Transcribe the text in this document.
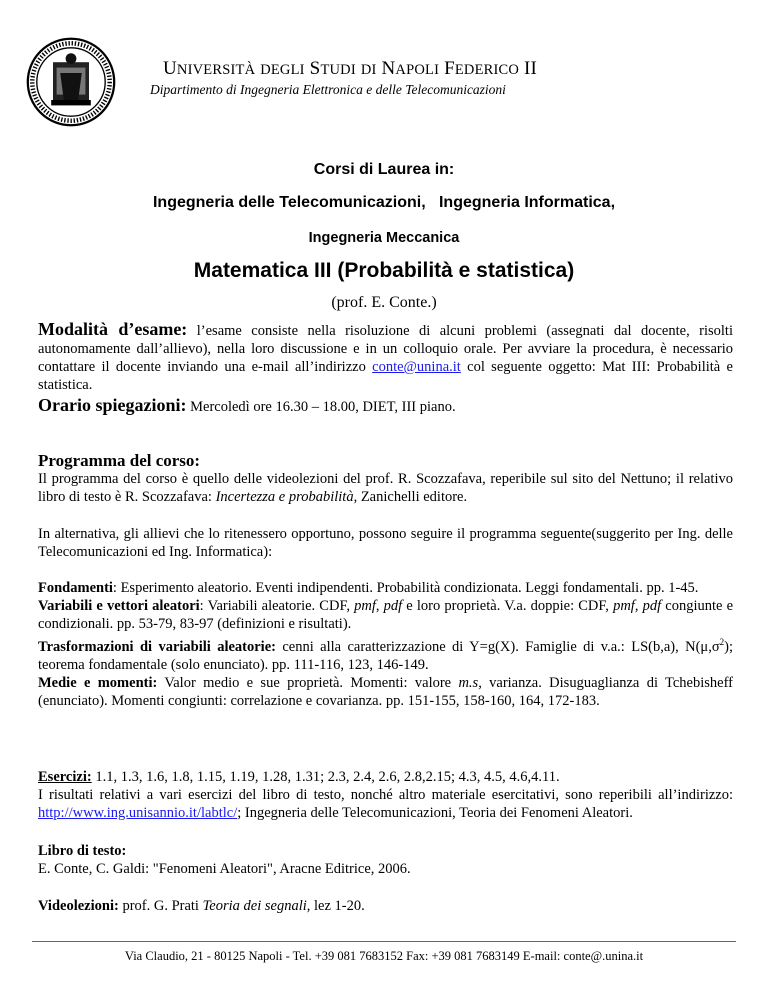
UNIVERSITÀ DEGLI STUDI DI NAPOLI FEDERICO II
Dipartimento di Ingegneria Elettronica e delle Telecomunicazioni
Corsi di Laurea in:
Ingegneria delle Telecomunicazioni,   Ingegneria Informatica,
Ingegneria Meccanica
Matematica III (Probabilità e statistica)
(prof. E. Conte.)
Modalità d’esame: l’esame consiste nella risoluzione di alcuni problemi (assegnati dal docente, risolti autonomamente dall’allievo), nella loro discussione e in un colloquio orale. Per avviare la procedura, è necessario contattare il docente inviando una e-mail all’indirizzo conte@unina.it col seguente oggetto: Mat III: Probabilità e statistica.
Orario spiegazioni: Mercoledì ore 16.30 – 18.00, DIET, III piano.
Programma del corso:
Il programma del corso è quello delle videolezioni del prof. R. Scozzafava, reperibile sul sito del Nettuno; il relativo libro di testo è R. Scozzafava: Incertezza e probabilità, Zanichelli editore.
In alternativa, gli allievi che lo ritenessero opportuno, possono seguire il programma seguente(suggerito per Ing. delle Telecomunicazioni ed Ing. Informatica):
Fondamenti: Esperimento aleatorio. Eventi indipendenti. Probabilità condizionata. Leggi fondamentali. pp. 1-45.
Variabili e vettori aleatori: Variabili aleatorie. CDF, pmf, pdf e loro proprietà. V.a. doppie: CDF, pmf, pdf congiunte e condizionali. pp. 53-79, 83-97 (definizioni e risultati).
Trasformazioni di variabili aleatorie: cenni alla caratterizzazione di Y=g(X). Famiglie di v.a.: LS(b,a), $N(\mu,\sigma^2)$; teorema fondamentale (solo enunciato). pp. 111-116, 123, 146-149.
Medie e momenti: Valor medio e sue proprietà. Momenti: valore m.s, varianza. Disuguaglianza di Tchebisheff (enunciato). Momenti congiunti: correlazione e covarianza. pp. 151-155, 158-160, 164, 172-183.
Esercizi: 1.1, 1.3, 1.6, 1.8, 1.15, 1.19, 1.28, 1.31; 2.3, 2.4, 2.6, 2.8,2.15; 4.3, 4.5, 4.6,4.11.
I risultati relativi a vari esercizi del libro di testo, nonché altro materiale esercitativi, sono reperibili all’indirizzo: http://www.ing.unisannio.it/labtlc/; Ingegneria delle Telecomunicazioni, Teoria dei Fenomeni Aleatori.
Libro di testo:
E. Conte, C. Galdi: "Fenomeni Aleatori", Aracne Editrice, 2006.
Videolezioni: prof. G. Prati Teoria dei segnali, lez 1-20.
Via Claudio, 21 - 80125 Napoli - Tel. +39 081 7683152 Fax: +39 081 7683149 E-mail: conte@.unina.it
